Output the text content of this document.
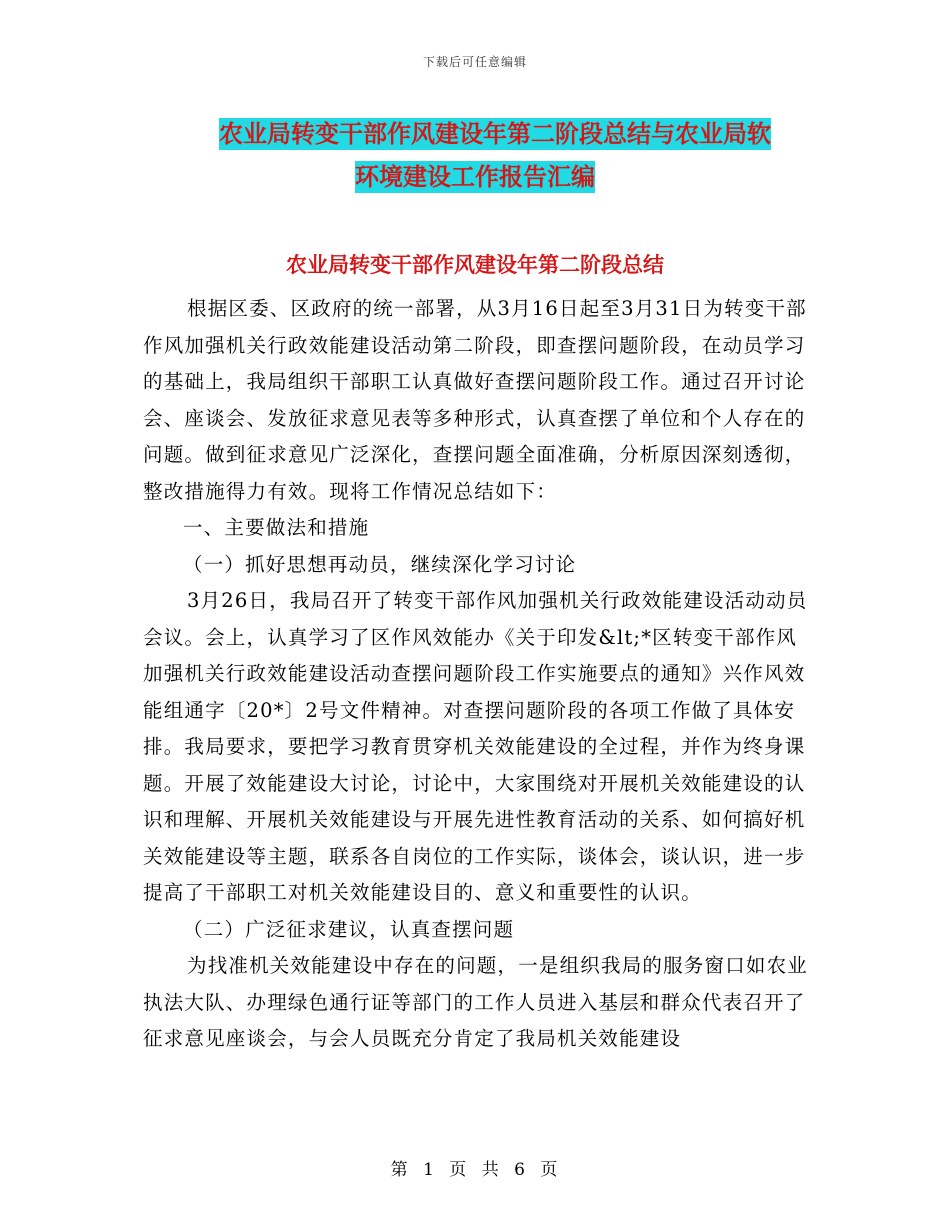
下载后可任意编辑
农业局转变干部作风建设年第二阶段总结与农业局软
环境建设工作报告汇编
农业局转变干部作风建设年第二阶段总结

根据区委、区政府的统一部署，从3月16日起至3月31日为转变干部作风加强机关行政效能建设活动第二阶段，即查摆问题阶段，在动员学习的基础上，我局组织干部职工认真做好查摆问题阶段工作。通过召开讨论会、座谈会、发放征求意见表等多种形式，认真查摆了单位和个人存在的问题。做到征求意见广泛深化，查摆问题全面准确，分析原因深刻透彻，整改措施得力有效。现将工作情况总结如下：

一、主要做法和措施

（一）抓好思想再动员，继续深化学习讨论

3月26日，我局召开了转变干部作风加强机关行政效能建设活动动员会议。会上，认真学习了区作风效能办《关于印发&lt;*区转变干部作风加强机关行政效能建设活动查摆问题阶段工作实施要点的通知》兴作风效能组通字〔20*〕2号文件精神。对查摆问题阶段的各项工作做了具体安排。我局要求，要把学习教育贯穿机关效能建设的全过程，并作为终身课题。开展了效能建设大讨论，讨论中，大家围绕对开展机关效能建设的认识和理解、开展机关效能建设与开展先进性教育活动的关系、如何搞好机关效能建设等主题，联系各自岗位的工作实际，谈体会，谈认识，进一步提高了干部职工对机关效能建设目的、意义和重要性的认识。

（二）广泛征求建议，认真查摆问题

为找准机关效能建设中存在的问题，一是组织我局的服务窗口如农业执法大队、办理绿色通行证等部门的工作人员进入基层和群众代表召开了征求意见座谈会，与会人员既充分肯定了我局机关效能建设

第 1 页 共 6 页
